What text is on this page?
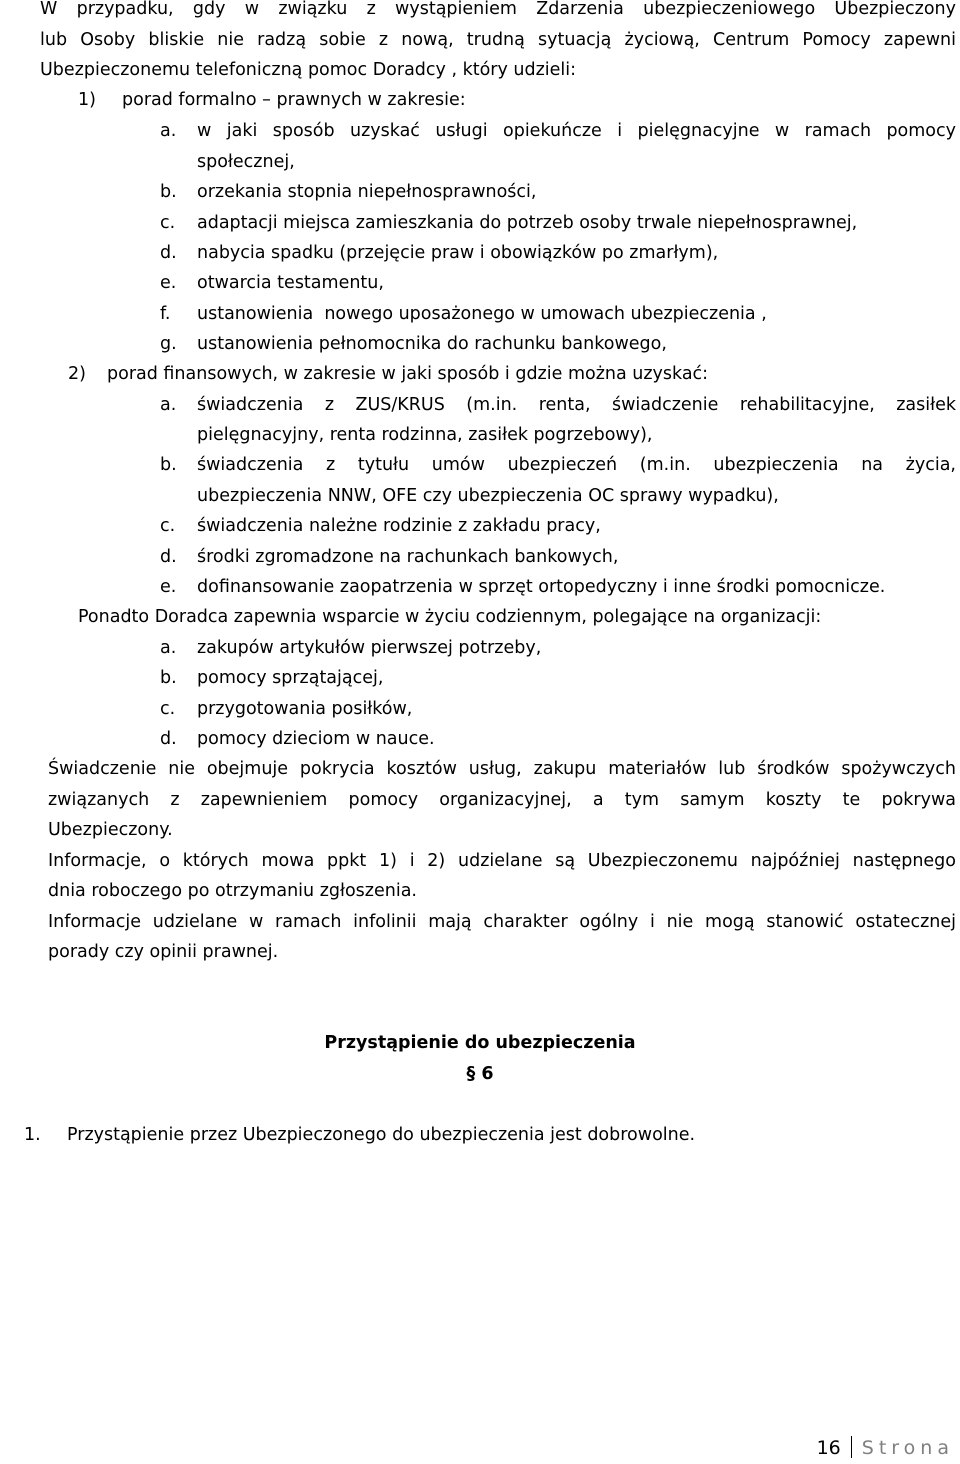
W przypadku, gdy w związku z wystąpieniem Zdarzenia ubezpieczeniowego Ubezpieczony
lub Osoby bliskie nie radzą sobie z nową, trudną sytuacją życiową, Centrum Pomocy zapewni
Ubezpieczonemu telefoniczną pomoc Doradcy , który udzieli:
1) porad formalno – prawnych w zakresie:
a. w jaki sposób uzyskać usługi opiekuńcze i pielęgnacyjne w ramach pomocy
społecznej,
b. orzekania stopnia niepełnosprawności,
c. adaptacji miejsca zamieszkania do potrzeb osoby trwale niepełnosprawnej,
d. nabycia spadku (przejęcie praw i obowiązków po zmarłym),
e. otwarcia testamentu,
f. ustanowienia  nowego uposażonego w umowach ubezpieczenia ,
g. ustanowienia pełnomocnika do rachunku bankowego,
2) porad finansowych, w zakresie w jaki sposób i gdzie można uzyskać:
a. świadczenia z ZUS/KRUS (m.in. renta, świadczenie rehabilitacyjne, zasiłek
pielęgnacyjny, renta rodzinna, zasiłek pogrzebowy),
b. świadczenia z tytułu umów ubezpieczeń (m.in. ubezpieczenia na życia,
ubezpieczenia NNW, OFE czy ubezpieczenia OC sprawy wypadku),
c. świadczenia należne rodzinie z zakładu pracy,
d. środki zgromadzone na rachunkach bankowych,
e. dofinansowanie zaopatrzenia w sprzęt ortopedyczny i inne środki pomocnicze.
Ponadto Doradca zapewnia wsparcie w życiu codziennym, polegające na organizacji:
a. zakupów artykułów pierwszej potrzeby,
b. pomocy sprzątającej,
c. przygotowania posiłków,
d. pomocy dzieciom w nauce.
Świadczenie nie obejmuje pokrycia kosztów usług, zakupu materiałów lub środków spożywczych
związanych z zapewnieniem pomocy organizacyjnej, a tym samym koszty te pokrywa
Ubezpieczony.
Informacje, o których mowa ppkt 1) i 2) udzielane są Ubezpieczonemu najpóźniej następnego
dnia roboczego po otrzymaniu zgłoszenia.
Informacje udzielane w ramach infolinii mają charakter ogólny i nie mogą stanowić ostatecznej
porady czy opinii prawnej.
Przystąpienie do ubezpieczenia
§ 6
1. Przystąpienie przez Ubezpieczonego do ubezpieczenia jest dobrowolne.
16 Strona
